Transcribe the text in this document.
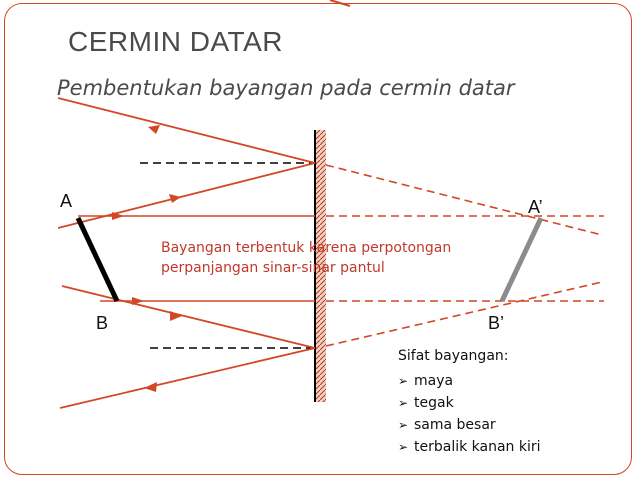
CERMIN DATAR
Pembentukan bayangan pada cermin datar
A
B
A’
B’
Bayangan terbentuk karena perpotongan
perpanjangan sinar-sinar pantul
Sifat bayangan:
➢ maya
➢ tegak
➢ sama besar
➢ terbalik kanan kiri
